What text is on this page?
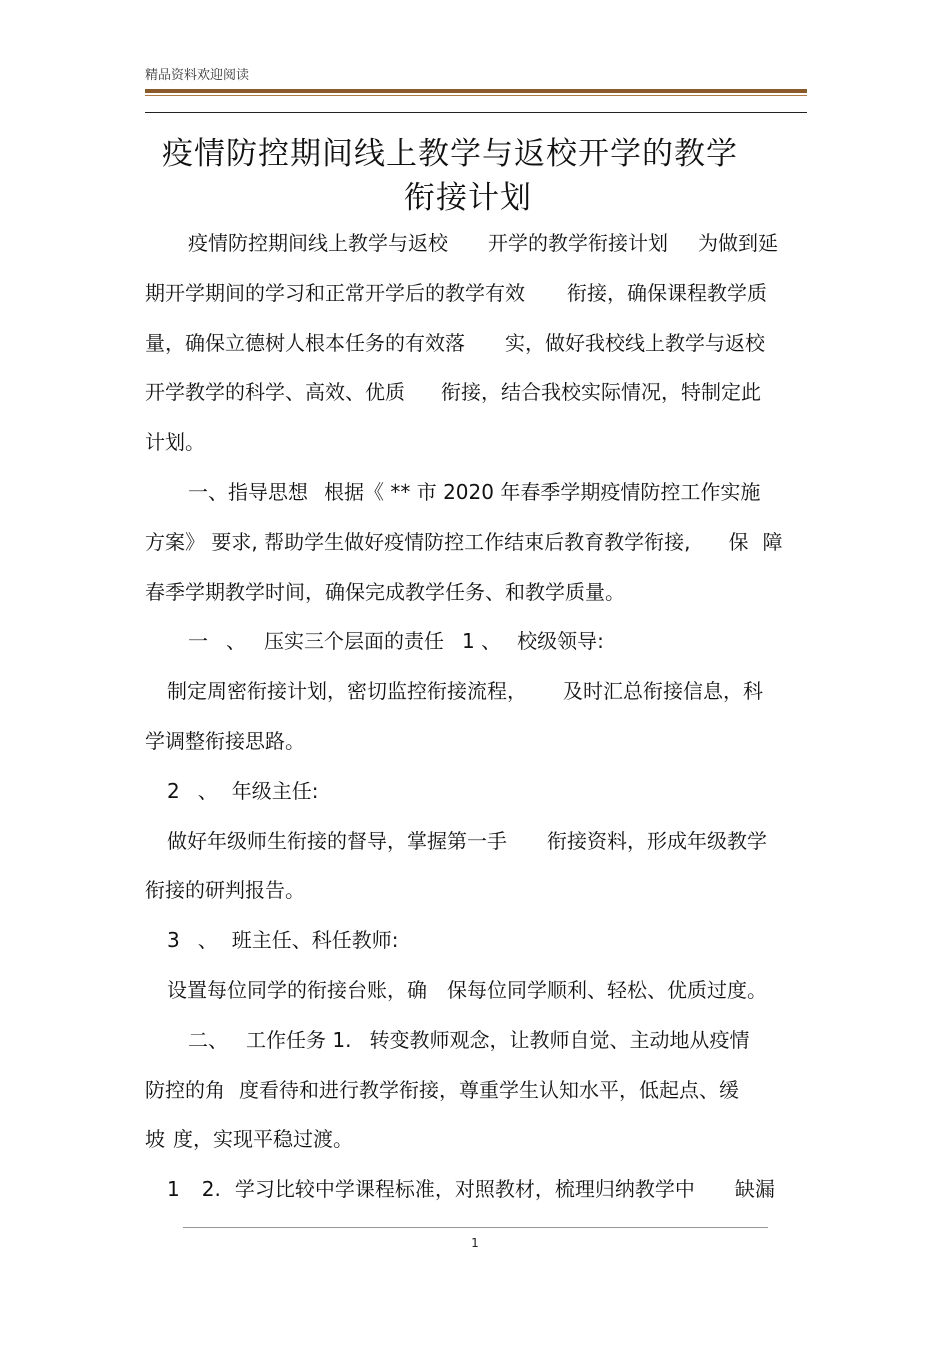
精品资料欢迎阅读
疫情防控期间线上教学与返校开学的教学
衔接计划
疫情防控期间线上教学与返校 开学的教学衔接计划 为做到延
期开学期间的学习和正常开学后的教学有效 衔接，确保课程教学质
量，确保立德树人根本任务的有效落 实，做好我校线上教学与返校
开学教学的科学、高效、优质 衔接，结合我校实际情况，特制定此
计划。
一、指导思想 根据《 ** 市 2020 年春季学期疫情防控工作实施
方案》 要求, 帮助学生做好疫情防控工作结束后教育教学衔接, 保 障
春季学期教学时间，确保完成教学任务、和教学质量。
一 、 压实三个层面的责任 1 、 校级领导:
制定周密衔接计划，密切监控衔接流程， 及时汇总衔接信息，科
学调整衔接思路。
2 、 年级主任:
做好年级师生衔接的督导，掌握第一手 衔接资料，形成年级教学
衔接的研判报告。
3 、 班主任、科任教师:
设置每位同学的衔接台账，确 保每位同学顺利、轻松、优质过度。
二、 工作任务 1. 转变教师观念，让教师自觉、主动地从疫情
防控的角 度看待和进行教学衔接，尊重学生认知水平，低起点、缓
坡 度，实现平稳过渡。
1 2. 学习比较中学课程标准，对照教材，梳理归纳教学中 缺漏
1
